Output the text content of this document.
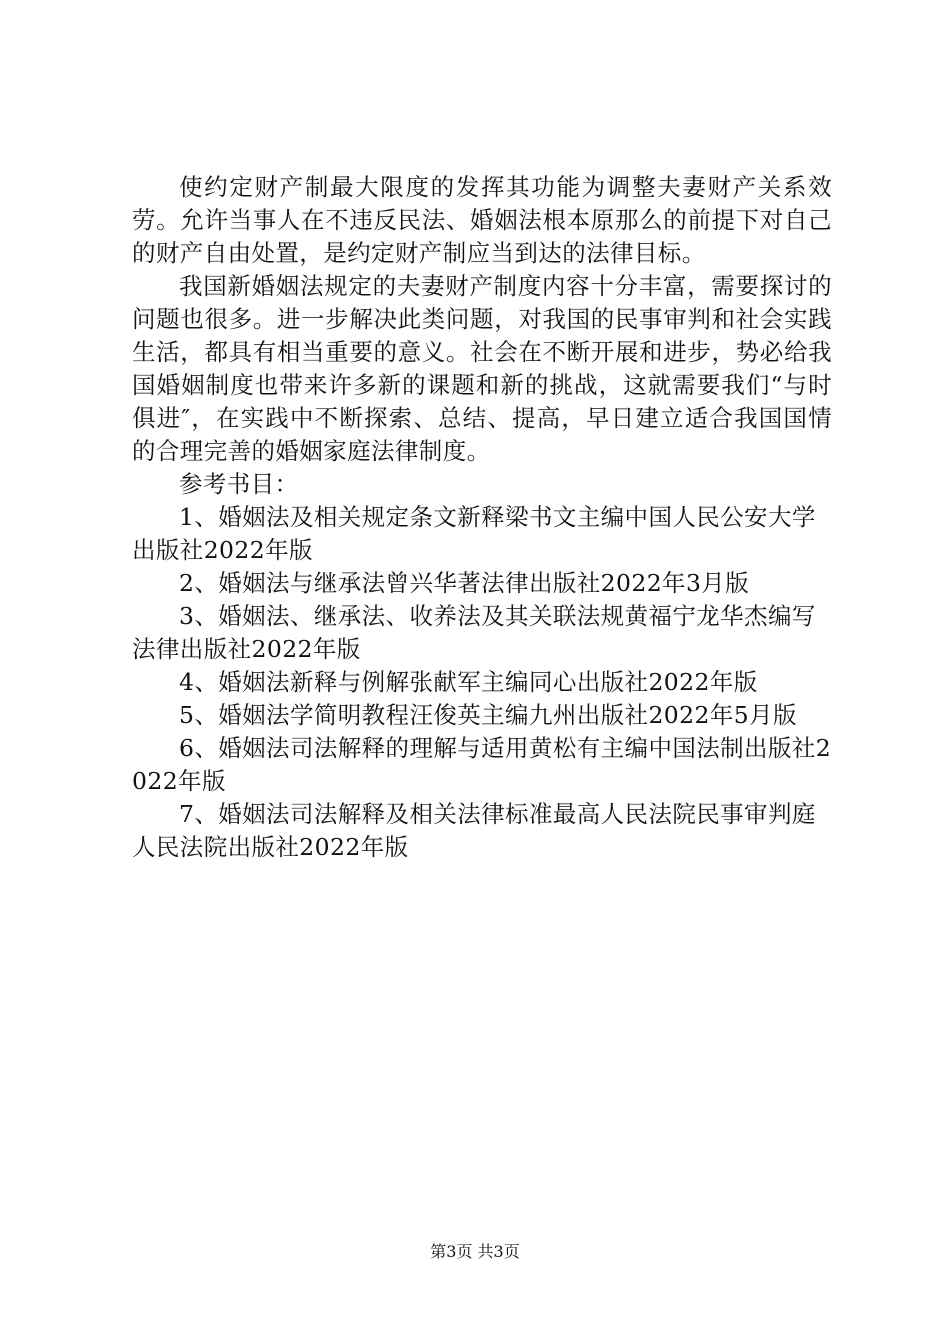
使约定财产制最大限度的发挥其功能为调整夫妻财产关系效劳。允许当事人在不违反民法、婚姻法根本原那么的前提下对自己的财产自由处置，是约定财产制应当到达的法律目标。

我国新婚姻法规定的夫妻财产制度内容十分丰富，需要探讨的问题也很多。进一步解决此类问题，对我国的民事审判和社会实践生活，都具有相当重要的意义。社会在不断开展和进步，势必给我国婚姻制度也带来许多新的课题和新的挑战，这就需要我们“与时俱进″，在实践中不断探索、总结、提高，早日建立适合我国国情的合理完善的婚姻家庭法律制度。

参考书目：

1、婚姻法及相关规定条文新释梁书文主编中国人民公安大学出版社2022年版

2、婚姻法与继承法曾兴华著法律出版社2022年3月版

3、婚姻法、继承法、收养法及其关联法规黄福宁龙华杰编写法律出版社2022年版

4、婚姻法新释与例解张献军主编同心出版社2022年版

5、婚姻法学简明教程汪俊英主编九州出版社2022年5月版

6、婚姻法司法解释的理解与适用黄松有主编中国法制出版社2022年版

7、婚姻法司法解释及相关法律标准最高人民法院民事审判庭人民法院出版社2022年版

第3页 共3页
